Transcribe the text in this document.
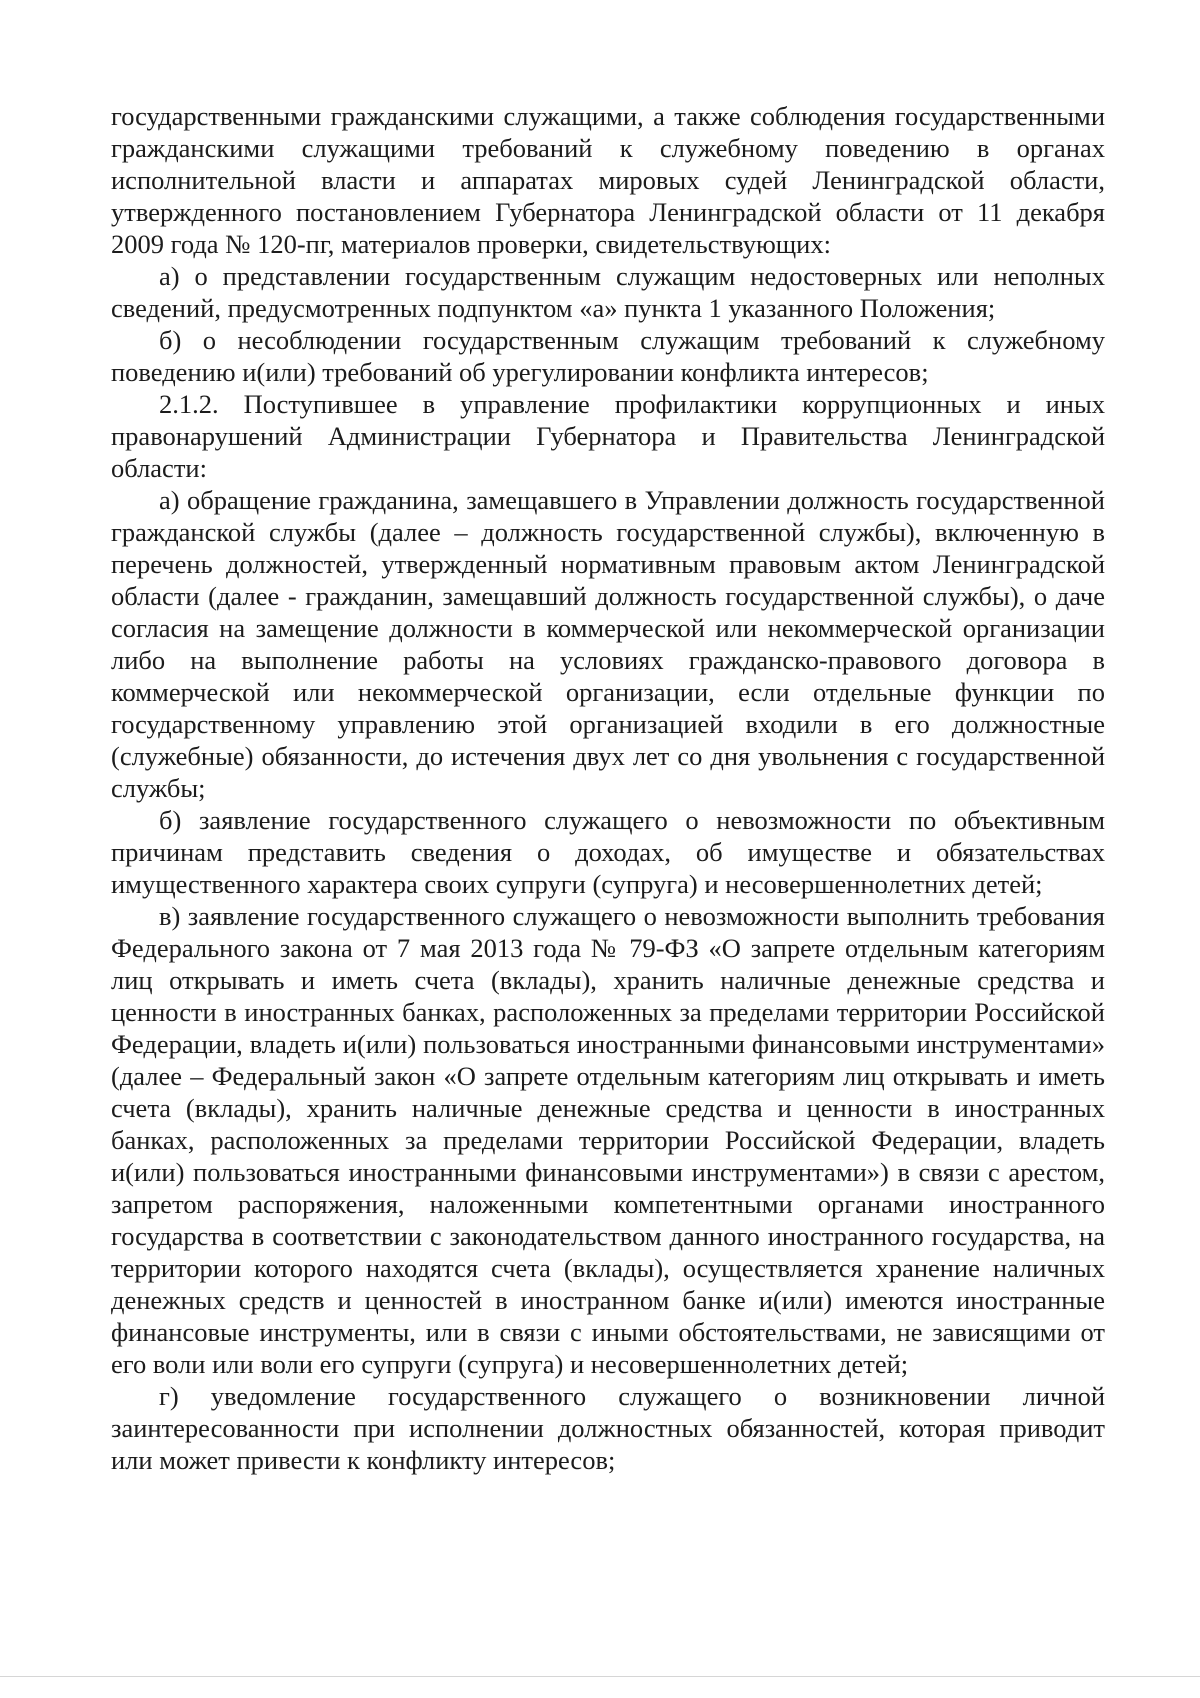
государственными гражданскими служащими, а также соблюдения государственными гражданскими служащими требований к служебному поведению в органах исполнительной власти и аппаратах мировых судей Ленинградской области, утвержденного постановлением Губернатора Ленинградской области от 11 декабря 2009 года № 120-пг, материалов проверки, свидетельствующих:

а) о представлении государственным служащим недостоверных или неполных сведений, предусмотренных подпунктом «а» пункта 1 указанного Положения;

б) о несоблюдении государственным служащим требований к служебному поведению и(или) требований об урегулировании конфликта интересов;

2.1.2. Поступившее в управление профилактики коррупционных и иных правонарушений Администрации Губернатора и Правительства Ленинградской области:

а) обращение гражданина, замещавшего в Управлении должность государственной гражданской службы (далее – должность государственной службы), включенную в перечень должностей, утвержденный нормативным правовым актом Ленинградской области (далее - гражданин, замещавший должность государственной службы), о даче согласия на замещение должности в коммерческой или некоммерческой организации либо на выполнение работы на условиях гражданско-правового договора в коммерческой или некоммерческой организации, если отдельные функции по государственному управлению этой организацией входили в его должностные (служебные) обязанности, до истечения двух лет со дня увольнения с государственной службы;

б) заявление государственного служащего о невозможности по объективным причинам представить сведения о доходах, об имуществе и обязательствах имущественного характера своих супруги (супруга) и несовершеннолетних детей;

в) заявление государственного служащего о невозможности выполнить требования Федерального закона от 7 мая 2013 года № 79-ФЗ «О запрете отдельным категориям лиц открывать и иметь счета (вклады), хранить наличные денежные средства и ценности в иностранных банках, расположенных за пределами территории Российской Федерации, владеть и(или) пользоваться иностранными финансовыми инструментами» (далее – Федеральный закон «О запрете отдельным категориям лиц открывать и иметь счета (вклады), хранить наличные денежные средства и ценности в иностранных банках, расположенных за пределами территории Российской Федерации, владеть и(или) пользоваться иностранными финансовыми инструментами») в связи с арестом, запретом распоряжения, наложенными компетентными органами иностранного государства в соответствии с законодательством данного иностранного государства, на территории которого находятся счета (вклады), осуществляется хранение наличных денежных средств и ценностей в иностранном банке и(или) имеются иностранные финансовые инструменты, или в связи с иными обстоятельствами, не зависящими от его воли или воли его супруги (супруга) и несовершеннолетних детей;

г) уведомление государственного служащего о возникновении личной заинтересованности при исполнении должностных обязанностей, которая приводит или может привести к конфликту интересов;
